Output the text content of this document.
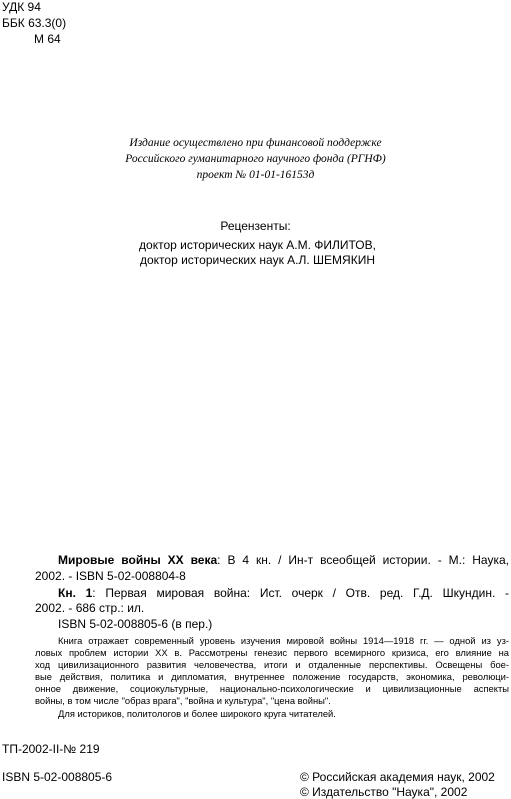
УДК 94
ББК 63.3(0)
М 64
Издание осуществлено при финансовой поддержке
Российского гуманитарного научного фонда (РГНФ)
проект № 01-01-16153д
Рецензенты:
доктор исторических наук А.М. ФИЛИТОВ,
доктор исторических наук А.Л. ШЕМЯКИН
Мировые войны XX века: В 4 кн. / Ин-т всеобщей истории. - М.: Наука,
2002. - ISBN 5-02-008804-8
Кн. 1: Первая мировая война: Ист. очерк / Отв. ред. Г.Д. Шкундин. -
2002. - 686 стр.: ил.
ISBN 5-02-008805-6 (в пер.)
Книга отражает современный уровень изучения мировой войны 1914—1918 гг. — одной из уз-
ловых проблем истории XX в. Рассмотрены генезис первого всемирного кризиса, его влияние на
ход цивилизационного развития человечества, итоги и отдаленные перспективы. Освещены бое-
вые действия, политика и дипломатия, внутреннее положение государств, экономика, революци-
онное движение, социокультурные, национально-психологические и цивилизационные аспекты
войны, в том числе "образ врага", "война и культура", "цена войны".
Для историков, политологов и более широкого круга читателей.
ТП-2002-II-№ 219
ISBN 5-02-008805-6	© Российская академия наук, 2002
© Издательство "Наука", 2002
